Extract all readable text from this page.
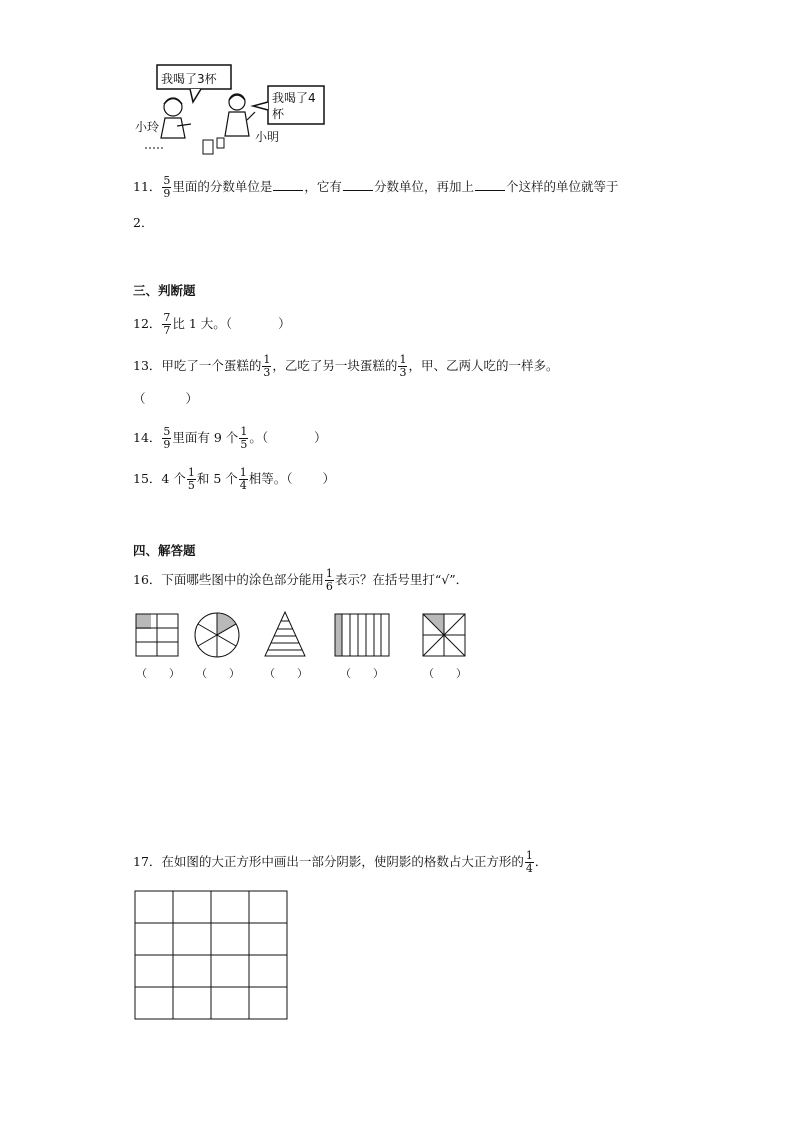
我喝了3杯
我喝了4杯
小玲
小明
11． $\frac{5}{9}$ 里面的分数单位是	，它有	分数单位，再加上	个这样的单位就等于
2．
三、判断题
12． $\frac{7}{7}$ 比 1 大。（	）
13．甲吃了一个蛋糕的 $\frac{1}{3}$ ，乙吃了另一块蛋糕的 $\frac{1}{3}$ ，甲、乙两人吃的一样多。
（	）
14． $\frac{5}{9}$ 里面有 9 个 $\frac{1}{5}$ 。（	）
15．4 个 $\frac{1}{5}$ 和 5 个 $\frac{1}{4}$ 相等。（ ）
四、解答题
16．下面哪些图中的涂色部分能用 $\frac{1}{6}$ 表示？在括号里打“√”．
（　　） （　　） （　　）	（　　）	（　　）
17．在如图的大正方形中画出一部分阴影，使阴影的格数占大正方形的 $\frac{1}{4}$ ．
